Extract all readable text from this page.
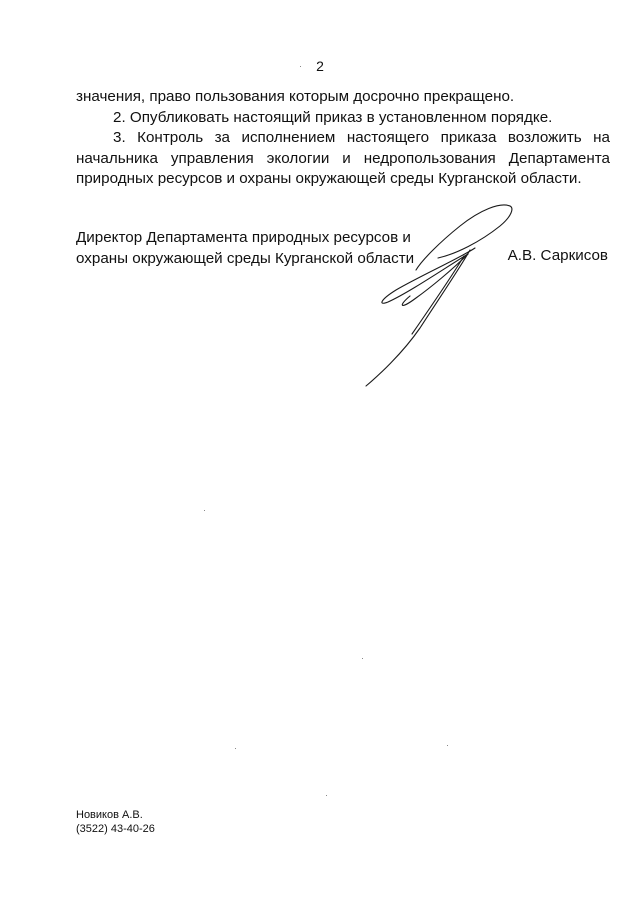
2

значения, право пользования которым досрочно прекращено.

2. Опубликовать настоящий приказ в установленном порядке.

3. Контроль за исполнением настоящего приказа возложить на начальника управления экологии и недропользования Департамента природных ресурсов и охраны окружающей среды Курганской области.

Директор Департамента природных ресурсов и
охраны окружающей среды Курганской области	А.В. Саркисов
Новиков А.В.
(3522) 43-40-26
